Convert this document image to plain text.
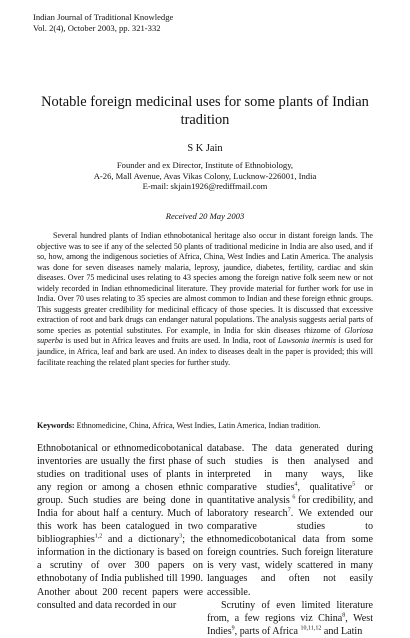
Indian Journal of Traditional Knowledge
Vol. 2(4), October 2003, pp. 321-332
Notable foreign medicinal uses for some plants of Indian tradition
S K Jain
Founder and ex Director, Institute of Ethnobiology,
A-26, Mall Avenue, Avas Vikas Colony, Lucknow-226001, India
E-mail: skjain1926@rediffmail.com
Received 20 May 2003

Several hundred plants of Indian ethnobotanical heritage also occur in distant foreign lands. The objective was to see if any of the selected 50 plants of traditional medicine in India are also used, and if so, how, among the indigenous societies of Africa, China, West Indies and Latin America. The analysis was done for seven diseases namely malaria, leprosy, jaundice, diabetes, fertility, cardiac and skin diseases. Over 75 medicinal uses relating to 43 species among the foreign native folk seem new or not widely recorded in Indian ethnomedicinal literature. They provide material for further work for use in India. Over 70 uses relating to 35 species are almost common to Indian and these foreign ethnic groups. This suggests greater credibility for medicinal efficacy of those species. It is discussed that excessive extraction of root and bark drugs can endanger natural populations. The analysis suggests aerial parts of some species as potential substitutes. For example, in India for skin diseases rhizome of Gloriosa superba is used but in Africa leaves and fruits are used. In India, root of Lawsonia inermis is used for jaundice, in Africa, leaf and bark are used. An index to diseases dealt in the paper is provided; this will facilitate reaching the related plant species for further study.

Keywords: Ethnomedicine, China, Africa, West Indies, Latin America, Indian tradition.

Ethnobotanical or ethnomedicobotanical inventories are usually the first phase of studies on traditional uses of plants in any region or among a chosen ethnic group. Such studies are being done in India for about half a century. Much of this work has been catalogued in two bibliographies$^{1,2}$ and a dictionary$^3$; the information in the dictionary is based on a scrutiny of over 300 papers on ethnobotany of India published till 1990. Another about 200 recent papers were consulted and data recorded in our

database. The data generated during such studies is then analysed and interpreted in many ways, like comparative studies$^4$, qualitative$^5$ or quantitative analysis $^6$ for credibility, and laboratory research$^7$. We extended our comparative studies to ethnomedicobotanical data from some foreign countries. Such foreign literature is very vast, widely scattered in many languages and often not easily accessible.

Scrutiny of even limited literature from, a few regions viz China$^8$, West Indies$^9$, parts of Africa $^{10,11,12}$ and Latin
